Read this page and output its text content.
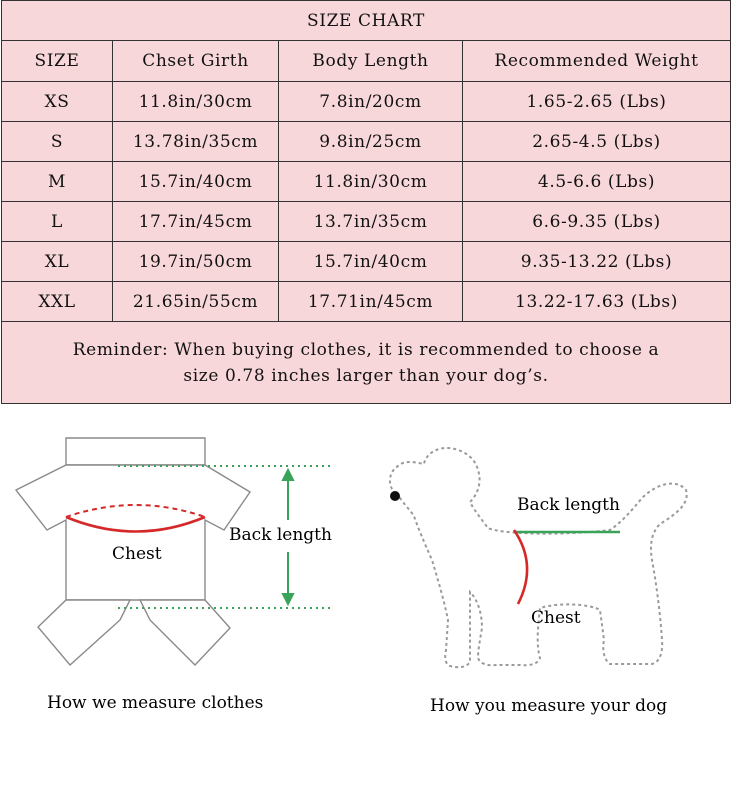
SIZE CHART			
SIZE	Chset Girth	Body Length	Recommended Weight
XS	11.8in/30cm	7.8in/20cm	1.65-2.65 (Lbs)
S	13.78in/35cm	9.8in/25cm	2.65-4.5 (Lbs)
M	15.7in/40cm	11.8in/30cm	4.5-6.6 (Lbs)
L	17.7in/45cm	13.7in/35cm	6.6-9.35 (Lbs)
XL	19.7in/50cm	15.7in/40cm	9.35-13.22 (Lbs)
XXL	21.65in/55cm	17.71in/45cm	13.22-17.63 (Lbs)

Reminder: When buying clothes, it is recommended to choose a
size 0.78 inches larger than your dog’s.			
Chest
Back length
How we measure clothes
Back length
Chest
How you measure your dog
